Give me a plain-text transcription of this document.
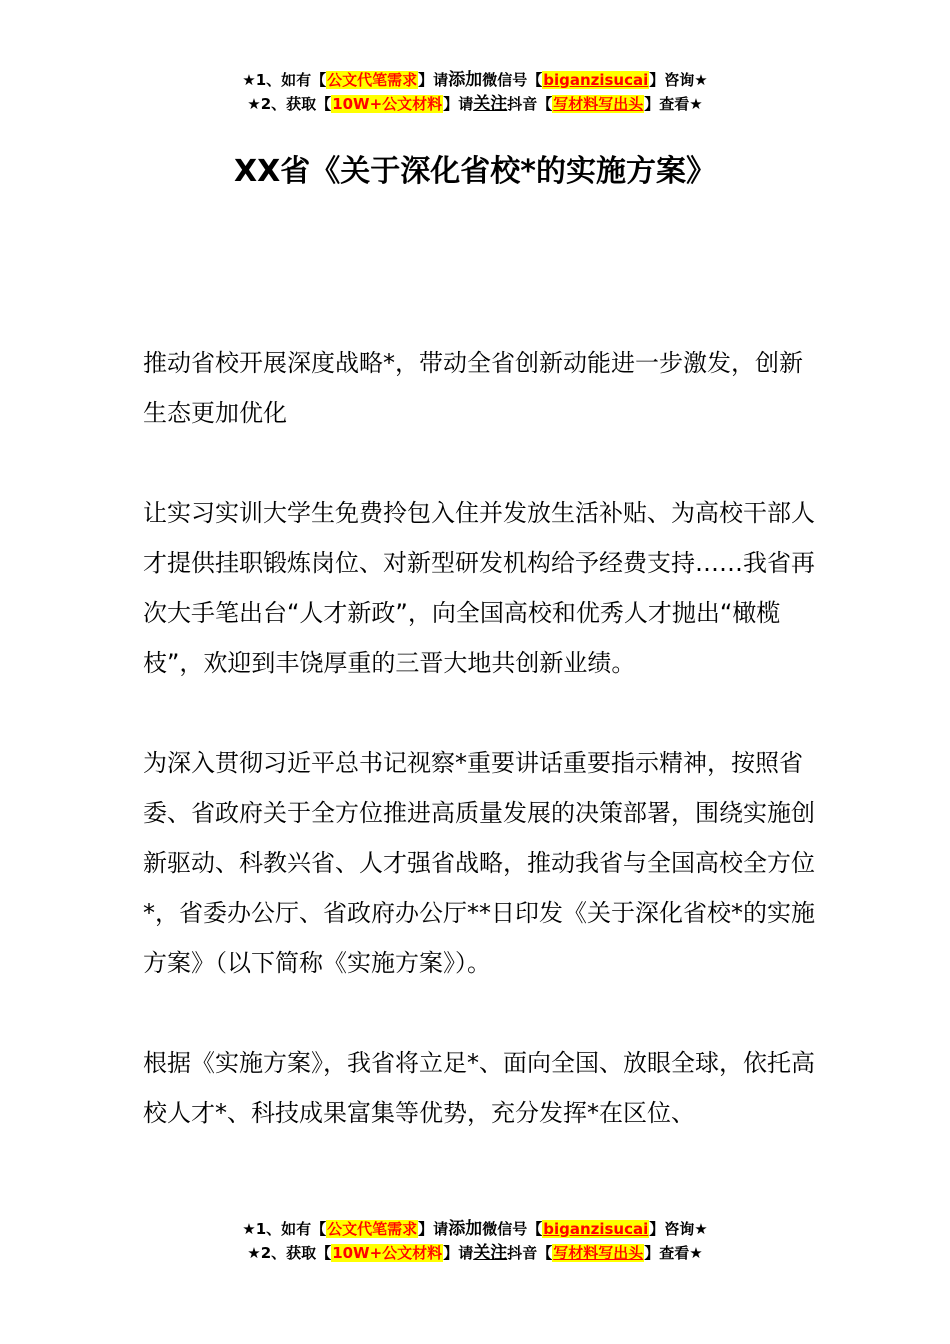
★1、如有【公文代笔需求】请添加微信号【biganzisucai】咨询★
★2、获取【10W+公文材料】请关注抖音【写材料写出头】查看★
XX省《关于深化省校*的实施方案》

推动省校开展深度战略*，带动全省创新动能进一步激发，创新生态更加优化

让实习实训大学生免费拎包入住并发放生活补贴、为高校干部人才提供挂职锻炼岗位、对新型研发机构给予经费支持……我省再次大手笔出台“人才新政”，向全国高校和优秀人才抛出“橄榄枝”，欢迎到丰饶厚重的三晋大地共创新业绩。

为深入贯彻习近平总书记视察*重要讲话重要指示精神，按照省委、省政府关于全方位推进高质量发展的决策部署，围绕实施创新驱动、科教兴省、人才强省战略，推动我省与全国高校全方位*，省委办公厅、省政府办公厅**日印发《关于深化省校*的实施方案》（以下简称《实施方案》）。

根据《实施方案》，我省将立足*、面向全国、放眼全球，依托高校人才*、科技成果富集等优势，充分发挥*在区位、

★1、如有【公文代笔需求】请添加微信号【biganzisucai】咨询★
★2、获取【10W+公文材料】请关注抖音【写材料写出头】查看★
